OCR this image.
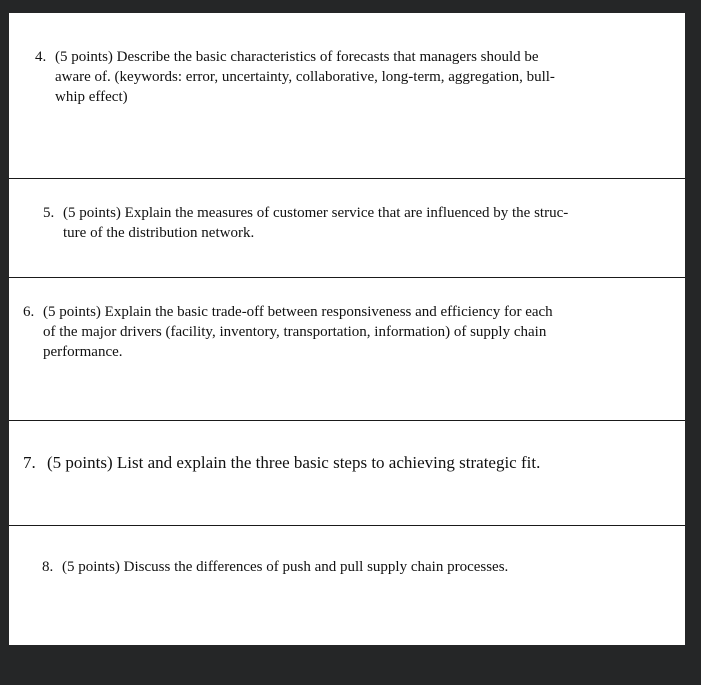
4. (5 points) Describe the basic characteristics of forecasts that managers should be
aware of. (keywords: error, uncertainty, collaborative, long-term, aggregation, bull-
whip effect)
5. (5 points) Explain the measures of customer service that are influenced by the struc-
ture of the distribution network.
6. (5 points) Explain the basic trade-off between responsiveness and efficiency for each
of the major drivers (facility, inventory, transportation, information) of supply chain
performance.
7. (5 points) List and explain the three basic steps to achieving strategic fit.
8. (5 points) Discuss the differences of push and pull supply chain processes.
